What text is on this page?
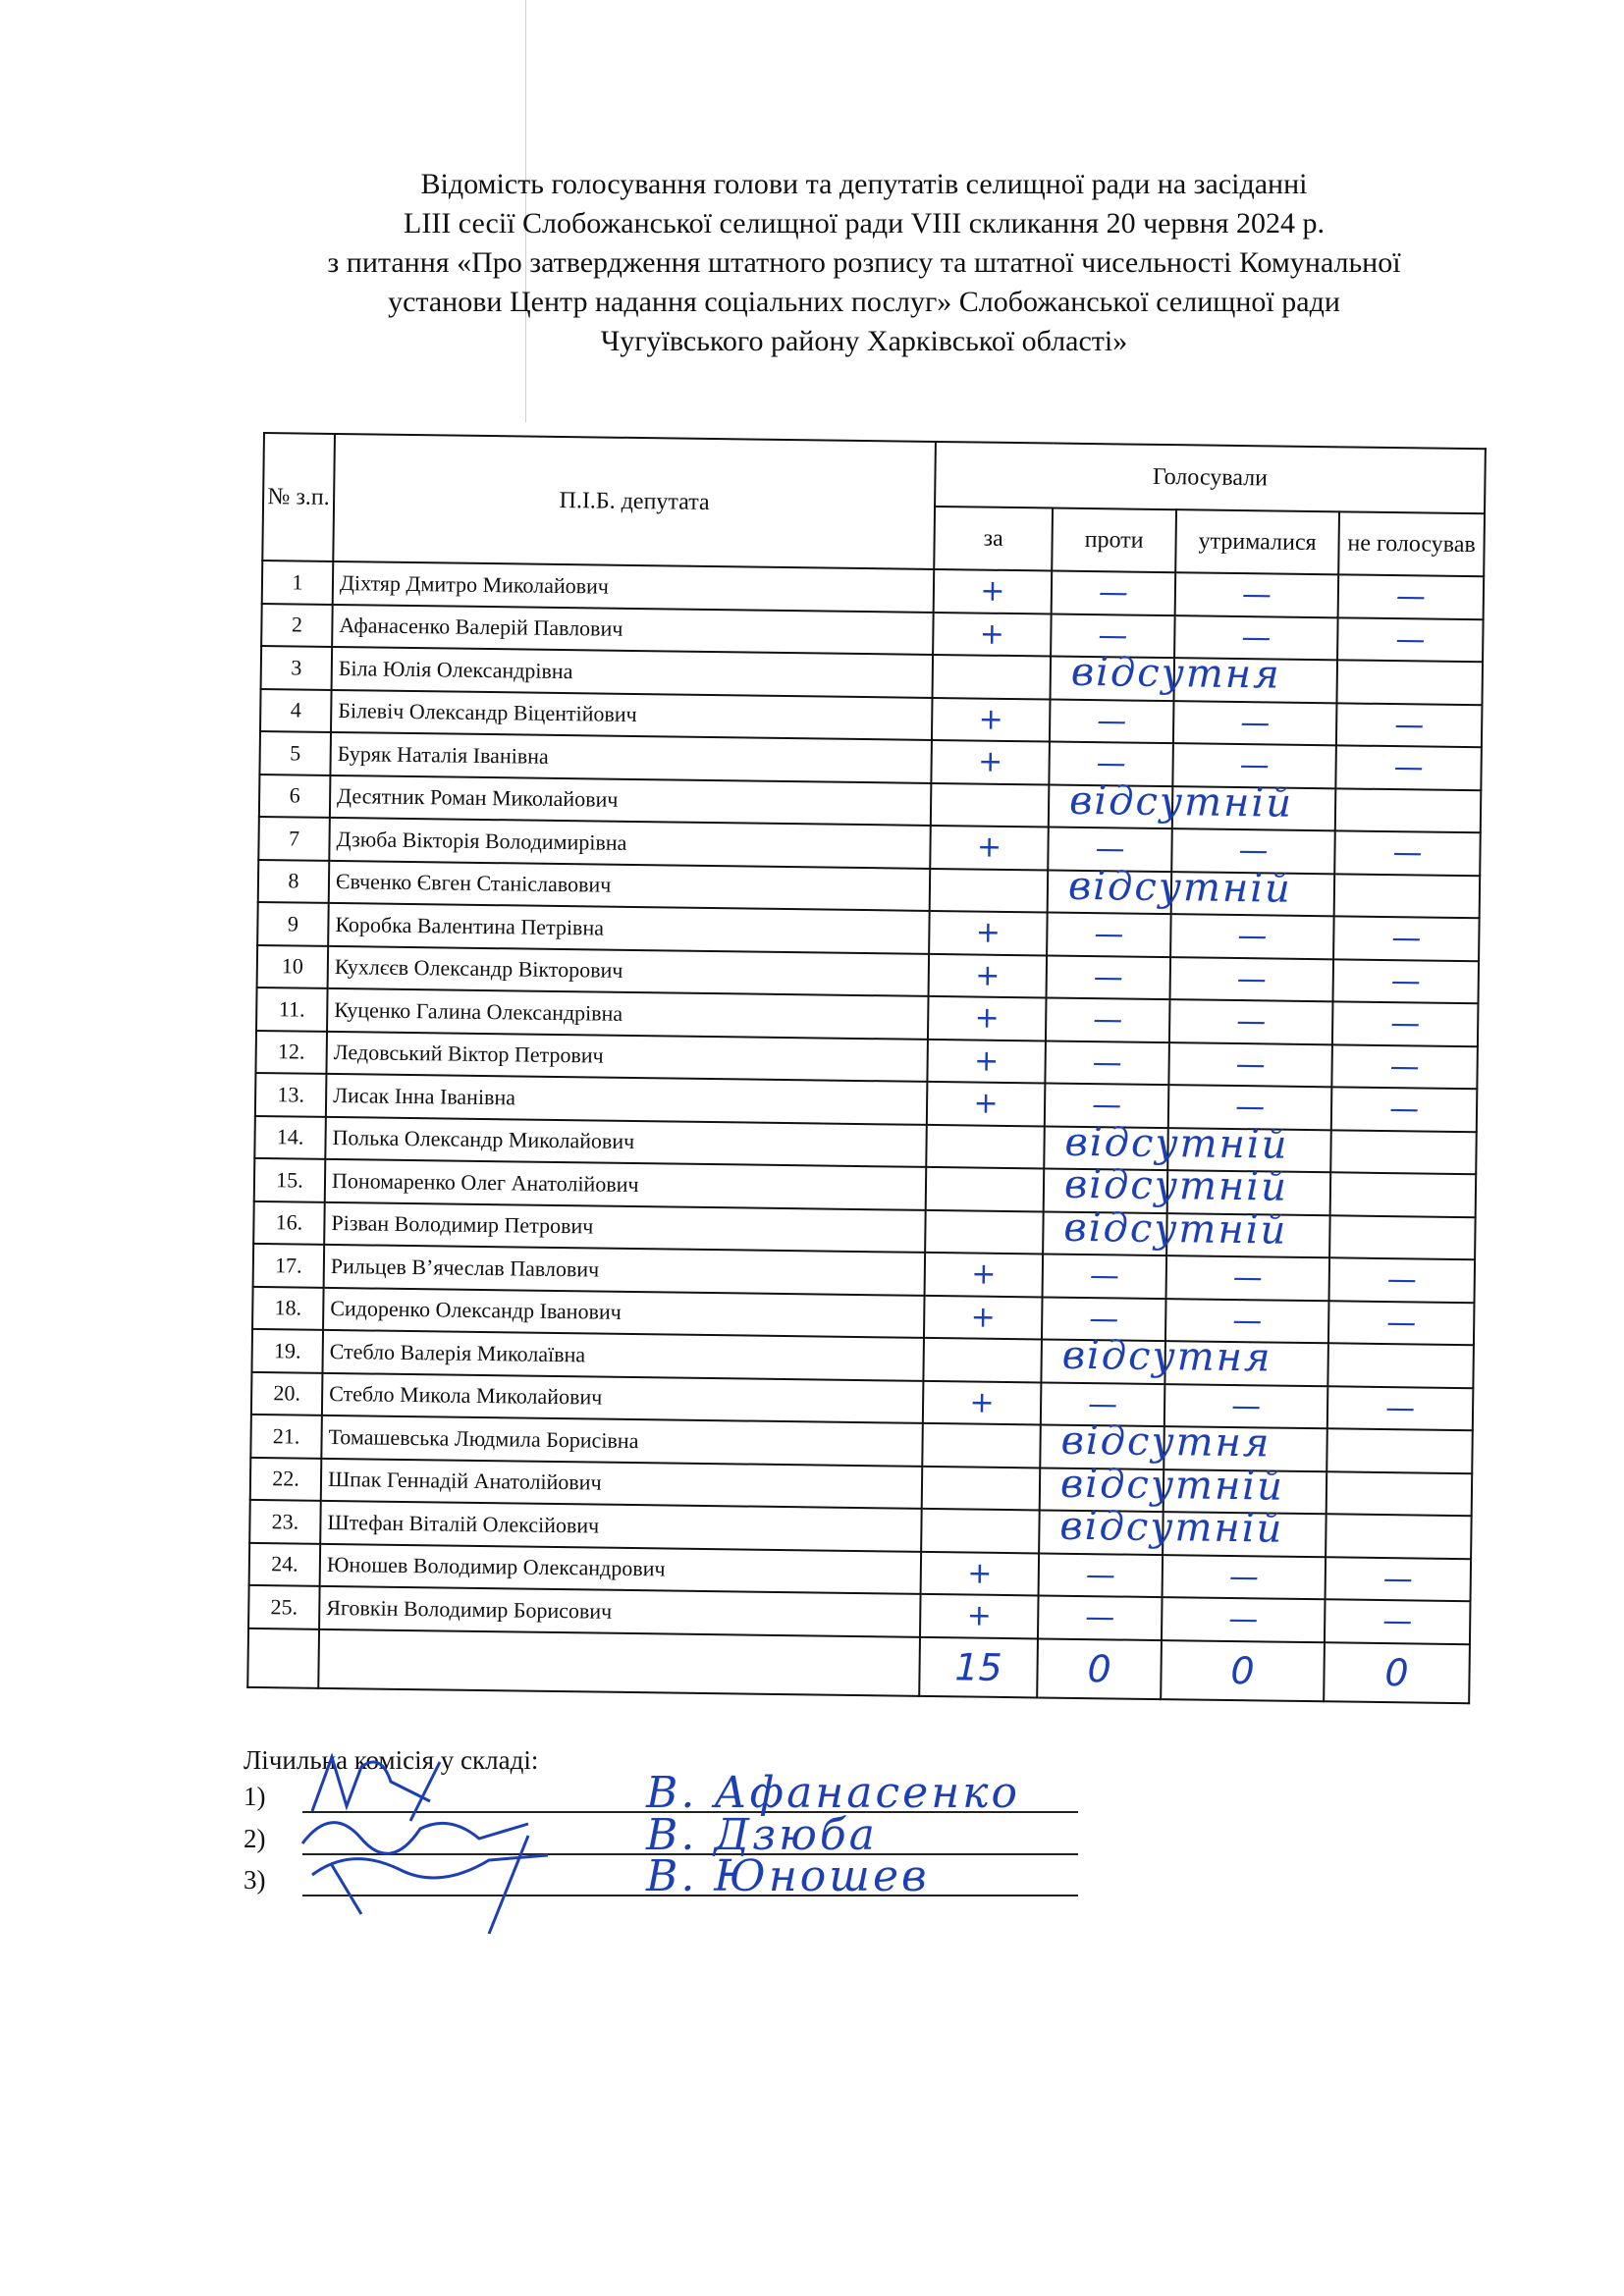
Відомість голосування голови та депутатів селищної ради на засіданні
LIII сесії Слобожанської селищної ради VIII скликання 20 червня 2024 р.
з питання «Про затвердження штатного розпису та штатної чисельності Комунальної
установи Центр надання соціальних послуг» Слобожанської селищної ради
Чугуївського району Харківської області»
№ з.п.	П.І.Б. депутата	Голосували			
		за	проти	утрималися	не голосував
1	Діхтяр Дмитро Миколайович	+	—	—	—
2	Афанасенко Валерій Павлович	+	—	—	—
3	Біла Юлія Олександрівна		відсутня		

4	Білевіч Олександр Віцентійович	+	—	—	—
5	Буряк Наталія Іванівна	+	—	—	—
6	Десятник Роман Миколайович		відсутній		

7	Дзюба Вікторія Володимирівна	+	—	—	—
8	Євченко Євген Станіславович		відсутній		

9	Коробка Валентина Петрівна	+	—	—	—
10	Кухлєєв Олександр Вікторович	+	—	—	—
11.	Куценко Галина Олександрівна	+	—	—	—
12.	Ледовський Віктор Петрович	+	—	—	—
13.	Лисак Інна Іванівна	+	—	—	—
14.	Полька Олександр Миколайович		відсутній		

15.	Пономаренко Олег Анатолійович		відсутній		

16.	Різван Володимир Петрович		відсутній		

17.	Рильцев В’ячеслав Павлович	+	—	—	—
18.	Сидоренко Олександр Іванович	+	—	—	—
19.	Стебло Валерія Миколаївна		відсутня		

20.	Стебло Микола Миколайович	+	—	—	—
21.	Томашевська Людмила Борисівна		відсутня		

22.	Шпак Геннадій Анатолійович		відсутній		

23.	Штефан Віталій Олексійович		відсутній		

24.	Юношев Володимир Олександрович	+	—	—	—
25.	Яговкін Володимир Борисович	+	—	—	—
		15	0	0	0
Лічильна комісія у складі:
1)	В. Афанасенко
2)	В. Дзюба
3)	В. Юношев
